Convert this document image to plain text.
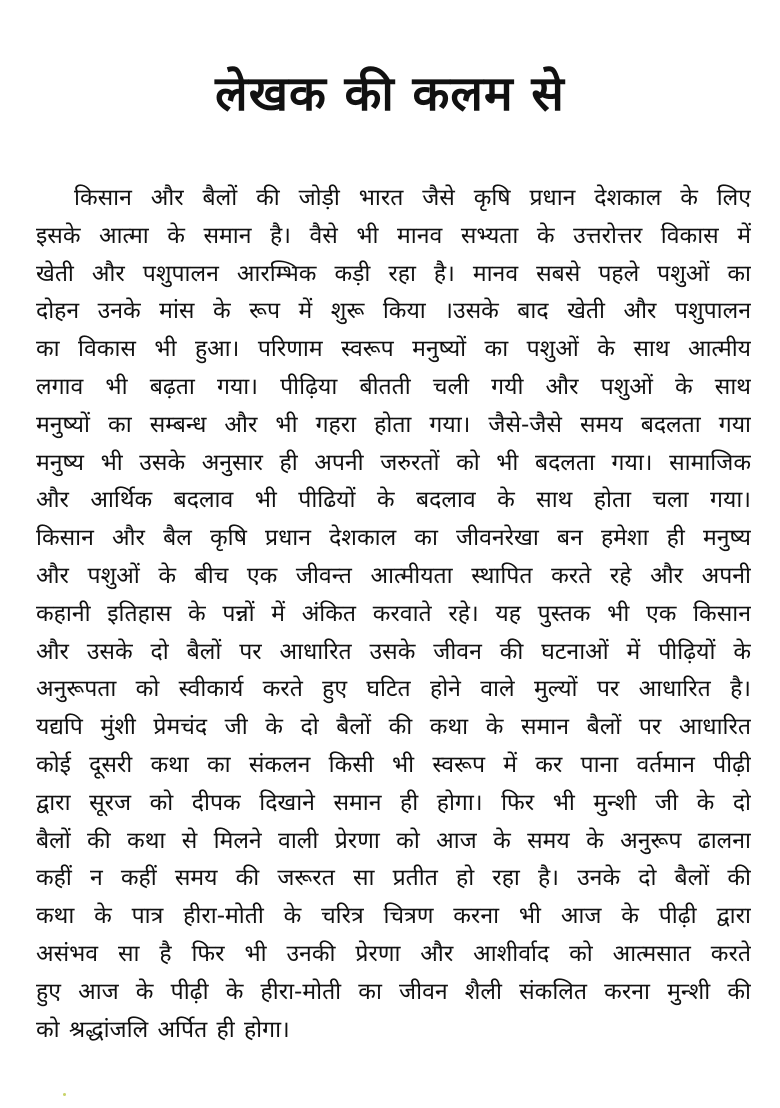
लेखक की कलम से
किसान और बैलों की जोड़ी भारत जैसे कृषि प्रधान देशकाल के लिए
इसके आत्मा के समान है। वैसे भी मानव सभ्यता के उत्तरोत्तर विकास में
खेती और पशुपालन आरम्भिक कड़ी रहा है। मानव सबसे पहले पशुओं का
दोहन उनके मांस के रूप में शुरू किया ।उसके बाद खेती और पशुपालन
का विकास भी हुआ। परिणाम स्वरूप मनुष्यों का पशुओं के साथ आत्मीय
लगाव भी बढ़ता गया। पीढ़िया बीतती चली गयी और पशुओं के साथ
मनुष्यों का सम्बन्ध और भी गहरा होता गया। जैसे-जैसे समय बदलता गया
मनुष्य भी उसके अनुसार ही अपनी जरुरतों को भी बदलता गया। सामाजिक
और आर्थिक बदलाव भी पीढियों के बदलाव के साथ होता चला गया।
किसान और बैल कृषि प्रधान देशकाल का जीवनरेखा बन हमेशा ही मनुष्य
और पशुओं के बीच एक जीवन्त आत्मीयता स्थापित करते रहे और अपनी
कहानी इतिहास के पन्नों में अंकित करवाते रहे। यह पुस्तक भी एक किसान
और उसके दो बैलों पर आधारित उसके जीवन की घटनाओं में पीढ़ियों के
अनुरूपता को स्वीकार्य करते हुए घटित होने वाले मुल्यों पर आधारित है।
यद्यपि मुंशी प्रेमचंद जी के दो बैलों की कथा के समान बैलों पर आधारित
कोई दूसरी कथा का संकलन किसी भी स्वरूप में कर पाना वर्तमान पीढ़ी
द्वारा सूरज को दीपक दिखाने समान ही होगा। फिर भी मुन्शी जी के दो
बैलों की कथा से मिलने वाली प्रेरणा को आज के समय के अनुरूप ढालना
कहीं न कहीं समय की जरूरत सा प्रतीत हो रहा है। उनके दो बैलों की
कथा के पात्र हीरा-मोती के चरित्र चित्रण करना भी आज के पीढ़ी द्वारा
असंभव सा है फिर भी उनकी प्रेरणा और आशीर्वाद को आत्मसात करते
हुए आज के पीढ़ी के हीरा-मोती का जीवन शैली संकलित करना मुन्शी की
को श्रद्धांजलि अर्पित ही होगा।
